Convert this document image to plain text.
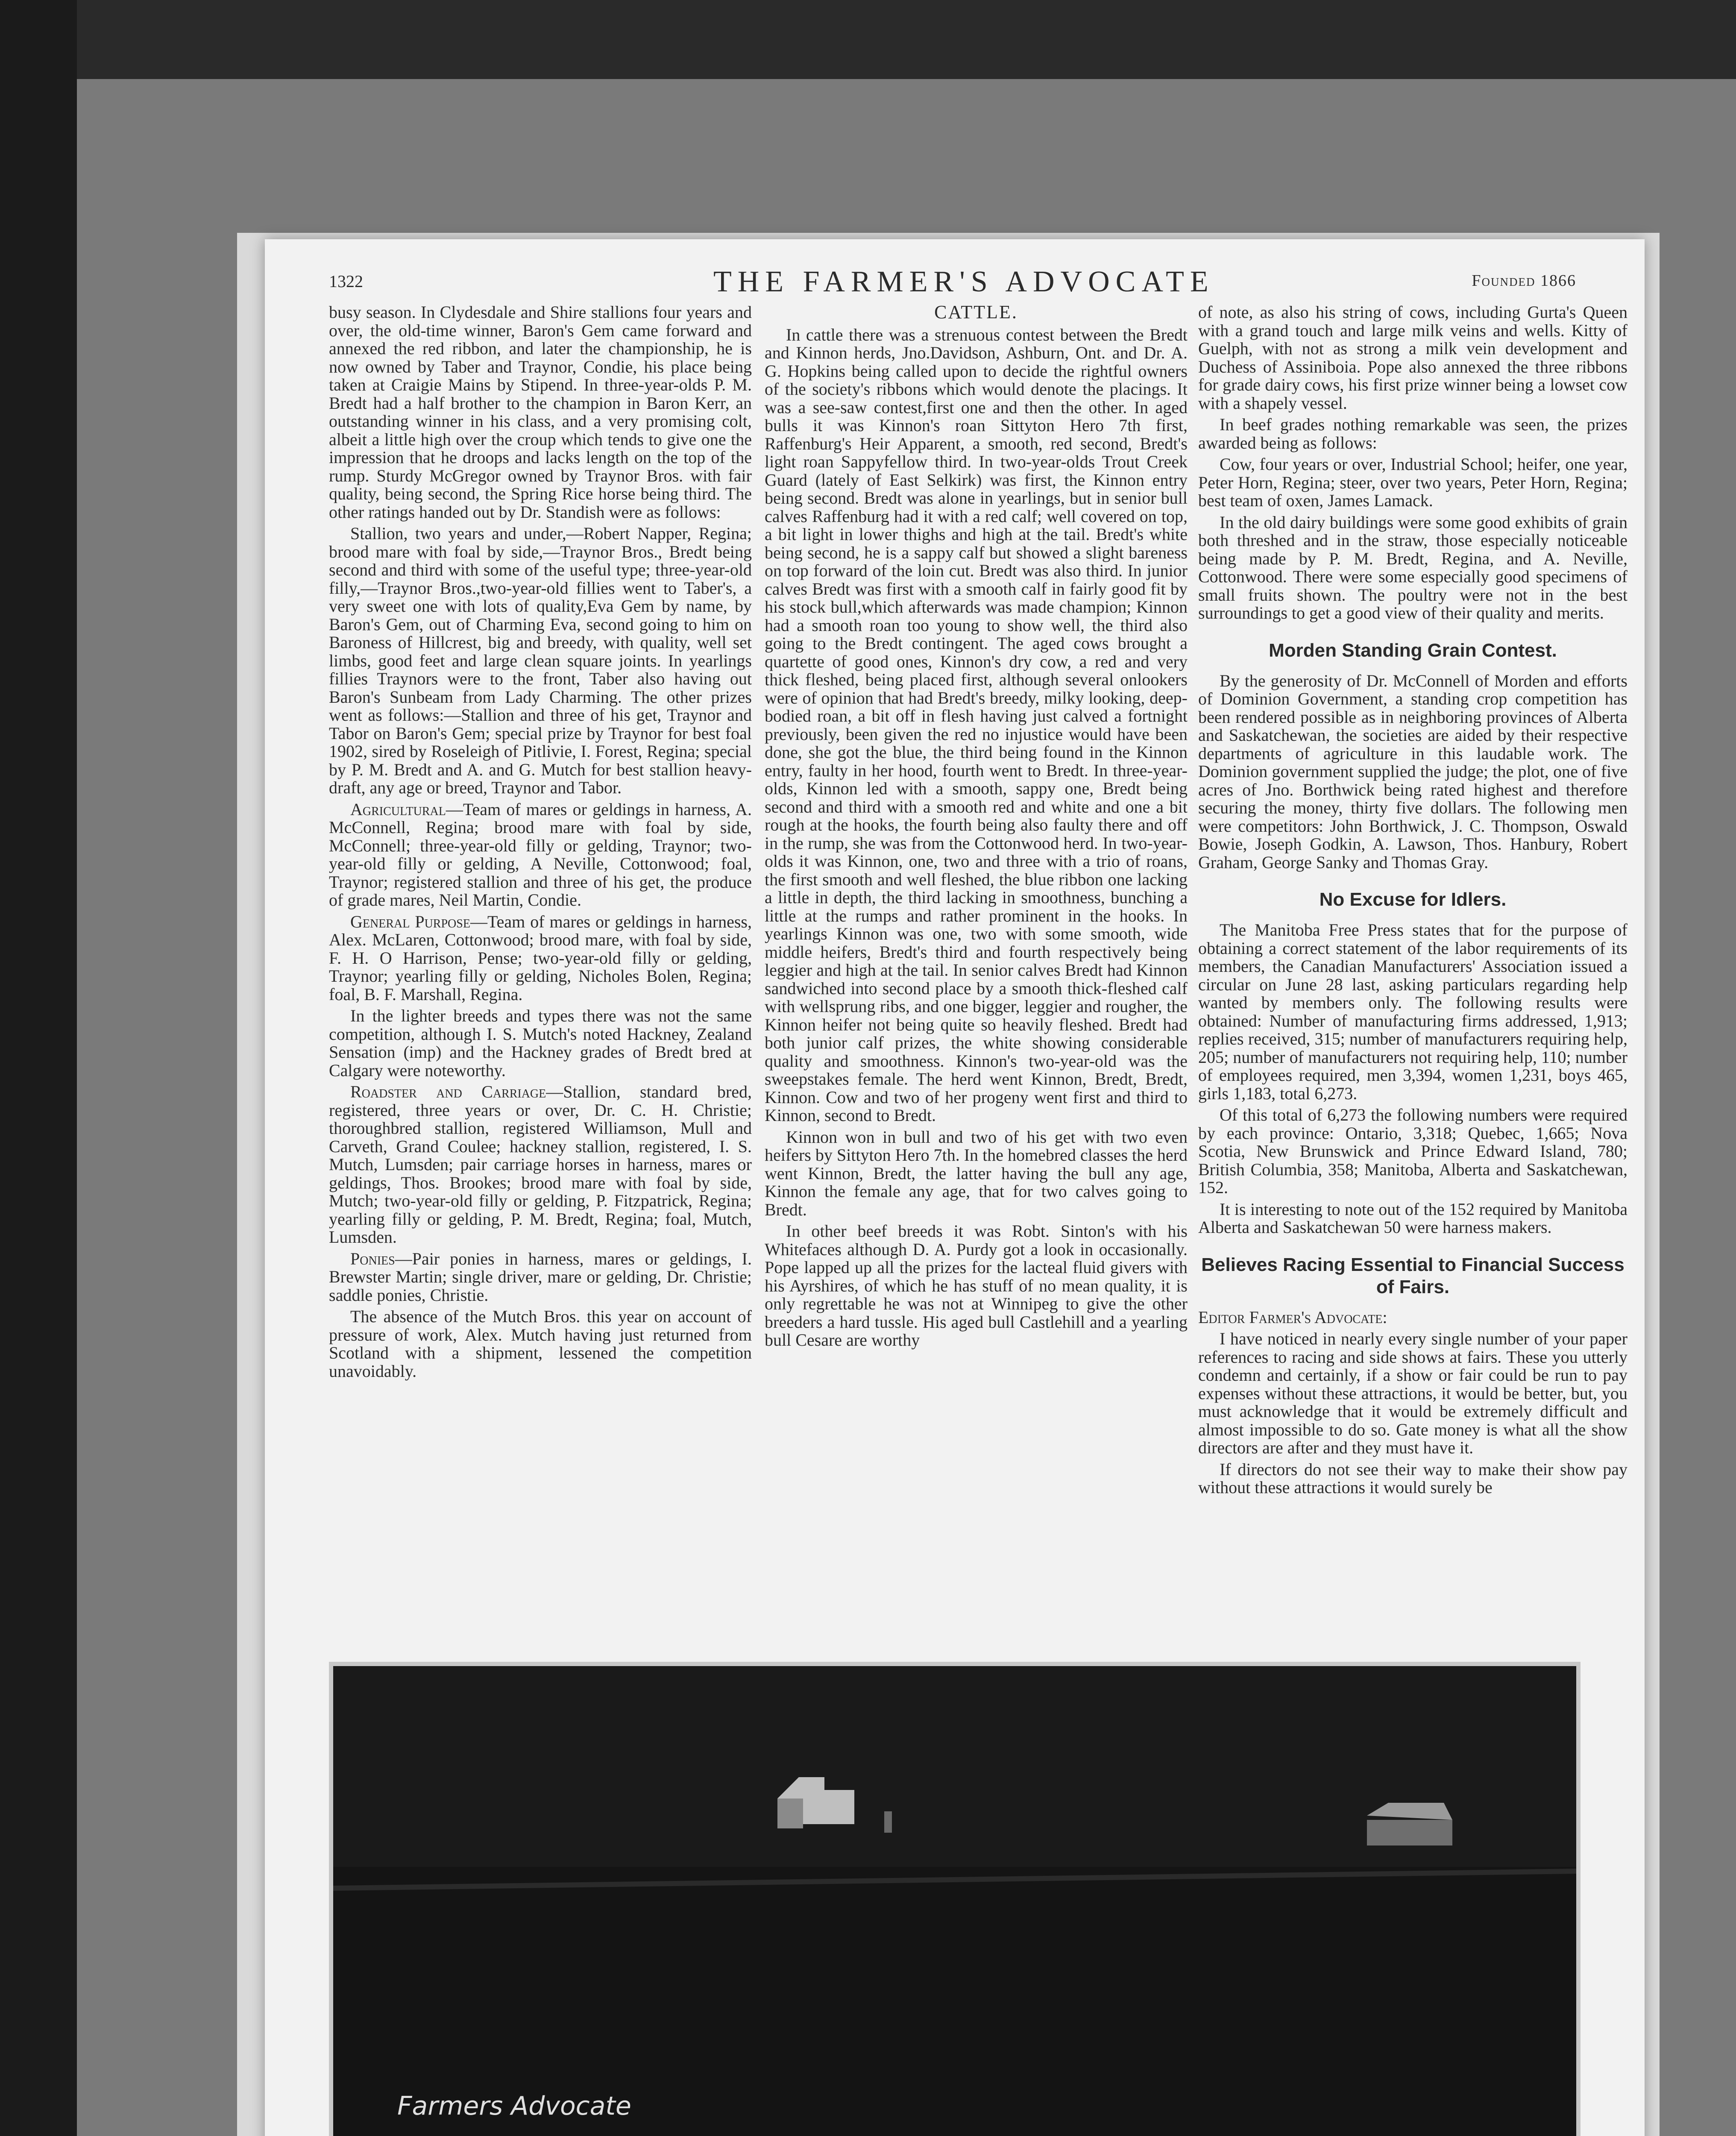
1322	THE FARMER'S ADVOCATE	Founded 1866

busy season. In Clydesdale and Shire stallions four years and over, the old-time winner, Baron's Gem came forward and annexed the red ribbon, and later the championship, he is now owned by Taber and Traynor, Condie, his place being taken at Craigie Mains by Stipend. In three-year-olds P. M. Bredt had a half brother to the champion in Baron Kerr, an outstanding winner in his class, and a very promising colt, albeit a little high over the croup which tends to give one the impression that he droops and lacks length on the top of the rump. Sturdy McGregor owned by Traynor Bros. with fair quality, being second, the Spring Rice horse being third. The other ratings handed out by Dr. Standish were as follows:

Stallion, two years and under,—Robert Napper, Regina; brood mare with foal by side,—Traynor Bros., Bredt being second and third with some of the useful type; three-year-old filly,—Traynor Bros.,two-year-old fillies went to Taber's, a very sweet one with lots of quality,Eva Gem by name, by Baron's Gem, out of Charming Eva, second going to him on Baroness of Hillcrest, big and breedy, with quality, well set limbs, good feet and large clean square joints. In yearlings fillies Traynors were to the front, Taber also having out Baron's Sunbeam from Lady Charming. The other prizes went as follows:—Stallion and three of his get, Traynor and Tabor on Baron's Gem; special prize by Traynor for best foal 1902, sired by Roseleigh of Pitlivie, I. Forest, Regina; special by P. M. Bredt and A. and G. Mutch for best stallion heavy-draft, any age or breed, Traynor and Tabor.

Agricultural—Team of mares or geldings in harness, A. McConnell, Regina; brood mare with foal by side, McConnell; three-year-old filly or gelding, Traynor; two-year-old filly or gelding, A Neville, Cottonwood; foal, Traynor; registered stallion and three of his get, the produce of grade mares, Neil Martin, Condie.

General Purpose—Team of mares or geldings in harness, Alex. McLaren, Cottonwood; brood mare, with foal by side, F. H. O Harrison, Pense; two-year-old filly or gelding, Traynor; yearling filly or gelding, Nicholes Bolen, Regina; foal, B. F. Marshall, Regina.

In the lighter breeds and types there was not the same competition, although I. S. Mutch's noted Hackney, Zealand Sensation (imp) and the Hackney grades of Bredt bred at Calgary were noteworthy.

Roadster and Carriage—Stallion, standard bred, registered, three years or over, Dr. C. H. Christie; thoroughbred stallion, registered Williamson, Mull and Carveth, Grand Coulee; hackney stallion, registered, I. S. Mutch, Lumsden; pair carriage horses in harness, mares or geldings, Thos. Brookes; brood mare with foal by side, Mutch; two-year-old filly or gelding, P. Fitzpatrick, Regina; yearling filly or gelding, P. M. Bredt, Regina; foal, Mutch, Lumsden.

Ponies—Pair ponies in harness, mares or geldings, I. Brewster Martin; single driver, mare or gelding, Dr. Christie; saddle ponies, Christie.

The absence of the Mutch Bros. this year on account of pressure of work, Alex. Mutch having just returned from Scotland with a shipment, lessened the competition unavoidably.

CATTLE.

In cattle there was a strenuous contest between the Bredt and Kinnon herds, Jno.Davidson, Ashburn, Ont. and Dr. A. G. Hopkins being called upon to decide the rightful owners of the society's ribbons which would denote the placings. It was a see-saw contest,first one and then the other. In aged bulls it was Kinnon's roan Sittyton Hero 7th first, Raffenburg's Heir Apparent, a smooth, red second, Bredt's light roan Sappyfellow third. In two-year-olds Trout Creek Guard (lately of East Selkirk) was first, the Kinnon entry being second. Bredt was alone in yearlings, but in senior bull calves Raffenburg had it with a red calf; well covered on top, a bit light in lower thighs and high at the tail. Bredt's white being second, he is a sappy calf but showed a slight bareness on top forward of the loin cut. Bredt was also third. In junior calves Bredt was first with a smooth calf in fairly good fit by his stock bull,which afterwards was made champion; Kinnon had a smooth roan too young to show well, the third also going to the Bredt contingent. The aged cows brought a quartette of good ones, Kinnon's dry cow, a red and very thick fleshed, being placed first, although several onlookers were of opinion that had Bredt's breedy, milky looking, deep-bodied roan, a bit off in flesh having just calved a fortnight previously, been given the red no injustice would have been done, she got the blue, the third being found in the Kinnon entry, faulty in her hood, fourth went to Bredt. In three-year-olds, Kinnon led with a smooth, sappy one, Bredt being second and third with a smooth red and white and one a bit rough at the hooks, the fourth being also faulty there and off in the rump, she was from the Cottonwood herd. In two-year-olds it was Kinnon, one, two and three with a trio of roans, the first smooth and well fleshed, the blue ribbon one lacking a little in depth, the third lacking in smoothness, bunching a little at the rumps and rather prominent in the hooks. In yearlings Kinnon was one, two with some smooth, wide middle heifers, Bredt's third and fourth respectively being leggier and high at the tail. In senior calves Bredt had Kinnon sandwiched into second place by a smooth thick-fleshed calf with wellsprung ribs, and one bigger, leggier and rougher, the Kinnon heifer not being quite so heavily fleshed. Bredt had both junior calf prizes, the white showing considerable quality and smoothness. Kinnon's two-year-old was the sweepstakes female. The herd went Kinnon, Bredt, Bredt, Kinnon. Cow and two of her progeny went first and third to Kinnon, second to Bredt.

Kinnon won in bull and two of his get with two even heifers by Sittyton Hero 7th. In the homebred classes the herd went Kinnon, Bredt, the latter having the bull any age, Kinnon the female any age, that for two calves going to Bredt.

In other beef breeds it was Robt. Sinton's with his Whitefaces although D. A. Purdy got a look in occasionally. Pope lapped up all the prizes for the lacteal fluid givers with his Ayrshires, of which he has stuff of no mean quality, it is only regrettable he was not at Winnipeg to give the other breeders a hard tussle. His aged bull Castlehill and a yearling bull Cesare are worthy

of note, as also his string of cows, including Gurta's Queen with a grand touch and large milk veins and wells. Kitty of Guelph, with not as strong a milk vein development and Duchess of Assiniboia. Pope also annexed the three ribbons for grade dairy cows, his first prize winner being a lowset cow with a shapely vessel.

In beef grades nothing remarkable was seen, the prizes awarded being as follows:

Cow, four years or over, Industrial School; heifer, one year, Peter Horn, Regina; steer, over two years, Peter Horn, Regina; best team of oxen, James Lamack.

In the old dairy buildings were some good exhibits of grain both threshed and in the straw, those especially noticeable being made by P. M. Bredt, Regina, and A. Neville, Cottonwood. There were some especially good specimens of small fruits shown. The poultry were not in the best surroundings to get a good view of their quality and merits.

Morden Standing Grain Contest.

By the generosity of Dr. McConnell of Morden and efforts of Dominion Government, a standing crop competition has been rendered possible as in neighboring provinces of Alberta and Saskatchewan, the societies are aided by their respective departments of agriculture in this laudable work. The Dominion government supplied the judge; the plot, one of five acres of Jno. Borthwick being rated highest and therefore securing the money, thirty five dollars. The following men were competitors: John Borthwick, J. C. Thompson, Oswald Bowie, Joseph Godkin, A. Lawson, Thos. Hanbury, Robert Graham, George Sanky and Thomas Gray.

No Excuse for Idlers.

The Manitoba Free Press states that for the purpose of obtaining a correct statement of the labor requirements of its members, the Canadian Manufacturers' Association issued a circular on June 28 last, asking particulars regarding help wanted by members only. The following results were obtained: Number of manufacturing firms addressed, 1,913; replies received, 315; number of manufacturers requiring help, 205; number of manufacturers not requiring help, 110; number of employees required, men 3,394, women 1,231, boys 465, girls 1,183, total 6,273.

Of this total of 6,273 the following numbers were required by each province: Ontario, 3,318; Quebec, 1,665; Nova Scotia, New Brunswick and Prince Edward Island, 780; British Columbia, 358; Manitoba, Alberta and Saskatchewan, 152.

It is interesting to note out of the 152 required by Manitoba Alberta and Saskatchewan 50 were harness makers.

Believes Racing Essential to Financial Success of Fairs.

Editor Farmer's Advocate:

I have noticed in nearly every single number of your paper references to racing and side shows at fairs. These you utterly condemn and certainly, if a show or fair could be run to pay expenses without these attractions, it would be better, but, you must acknowledge that it would be extremely difficult and almost impossible to do so. Gate money is what all the show directors are after and they must have it.

If directors do not see their way to make their show pay without these attractions it would surely be

Farmers Advocate
